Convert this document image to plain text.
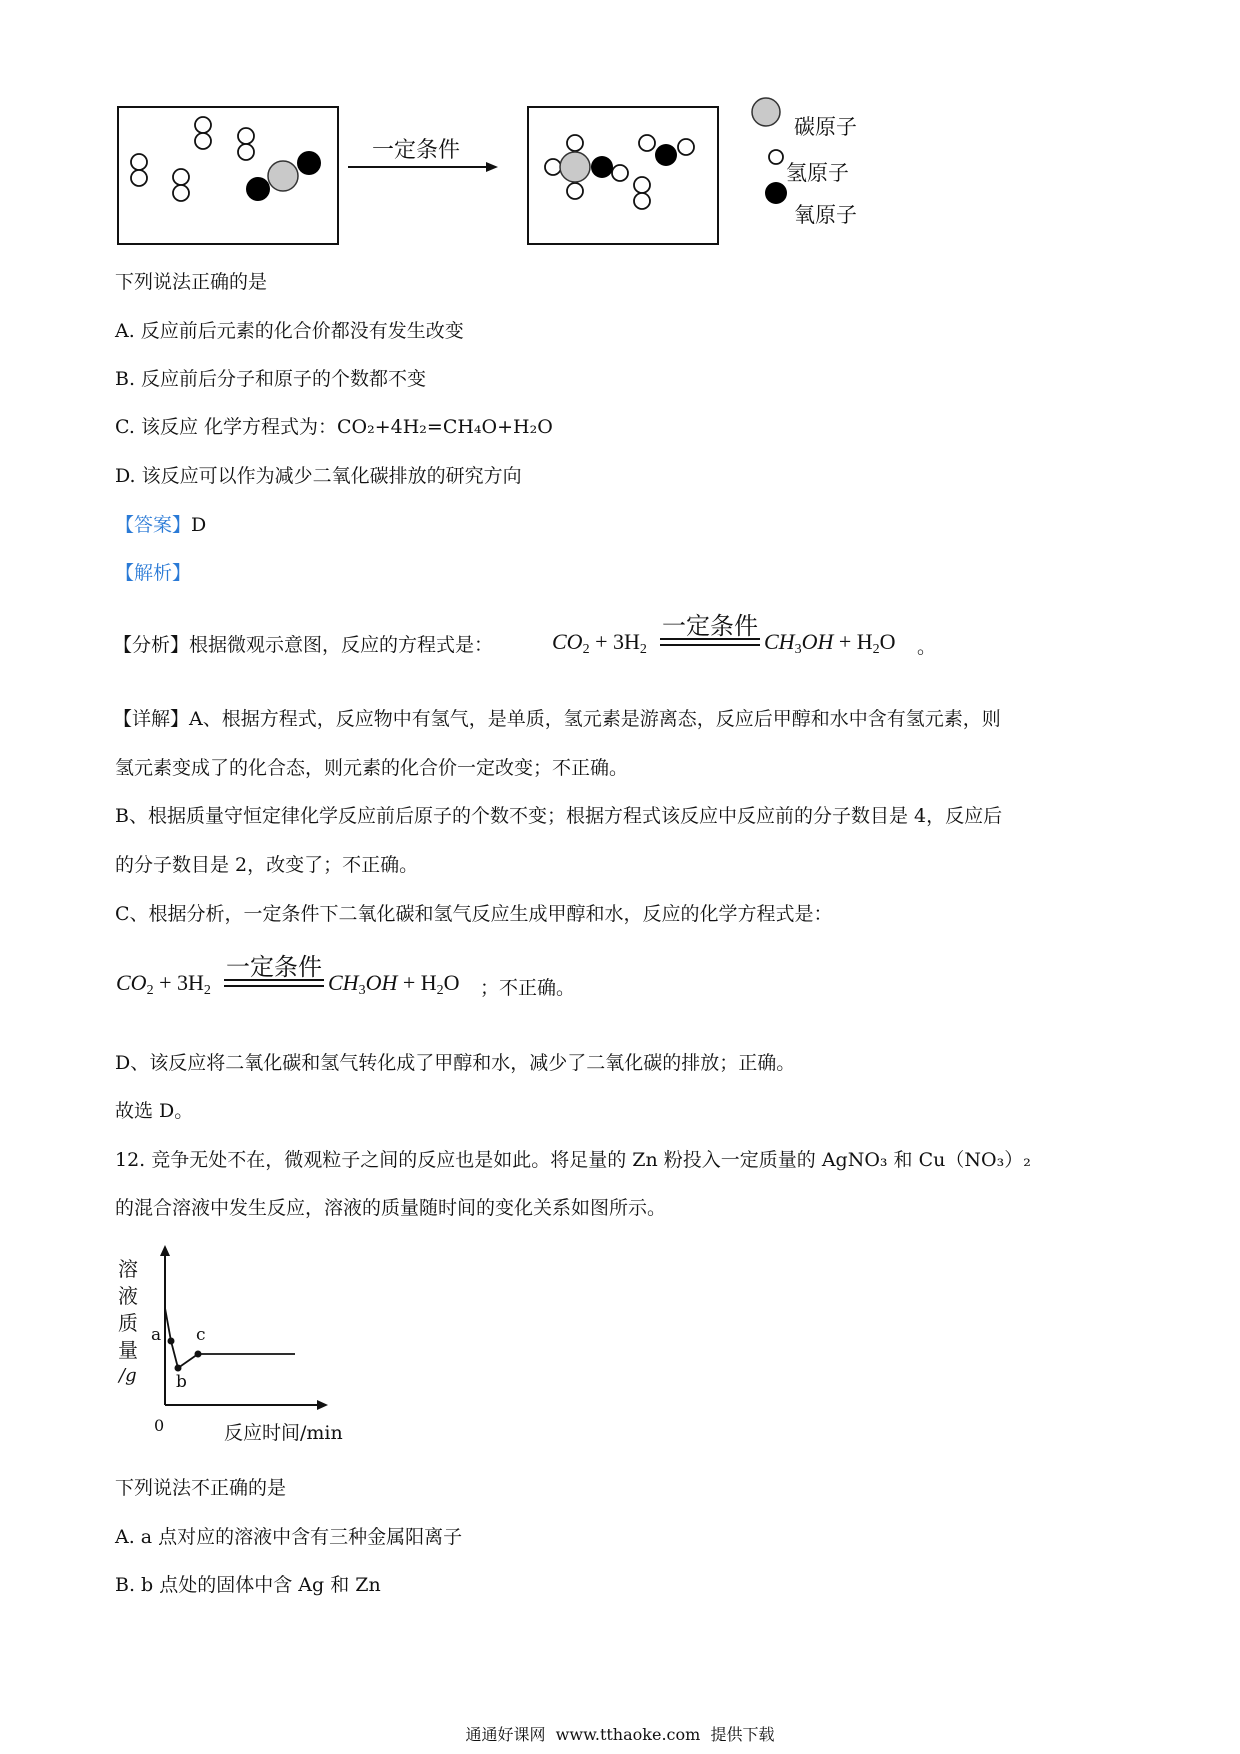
一定条件
碳原子
氢原子
氧原子
下列说法正确的是
A. 反应前后元素的化合价都没有发生改变
B. 反应前后分子和原子的个数都不变
C. 该反应 化学方程式为：CO₂+4H₂=CH₄O+H₂O
D. 该反应可以作为减少二氧化碳排放的研究方向
【答案】D
【解析】
【分析】根据微观示意图，反应的方程式是：	$CO_2 + 3H_2$
一定条件
$CH_3OH + H_2O$ 。
【详解】A、根据方程式，反应物中有氢气，是单质，氢元素是游离态，反应后甲醇和水中含有氢元素，则
氢元素变成了的化合态，则元素的化合价一定改变；不正确。
B、根据质量守恒定律化学反应前后原子的个数不变；根据方程式该反应中反应前的分子数目是 4，反应后
的分子数目是 2，改变了；不正确。
C、根据分析，一定条件下二氧化碳和氢气反应生成甲醇和水，反应的化学方程式是：
$CO_2 + 3H_2$
一定条件
$CH_3OH + H_2O$ ；不正确。
D、该反应将二氧化碳和氢气转化成了甲醇和水，减少了二氧化碳的排放；正确。
故选 D。
12. 竞争无处不在，微观粒子之间的反应也是如此。将足量的 Zn 粉投入一定质量的 AgNO₃ 和 Cu（NO₃）₂
的混合溶液中发生反应，溶液的质量随时间的变化关系如图所示。
溶
液
质
量
/g
a
b
c
0	反应时间/min
下列说法不正确的是
A. a 点对应的溶液中含有三种金属阳离子
B. b 点处的固体中含 Ag 和 Zn
通通好课网  www.tthaoke.com  提供下载
